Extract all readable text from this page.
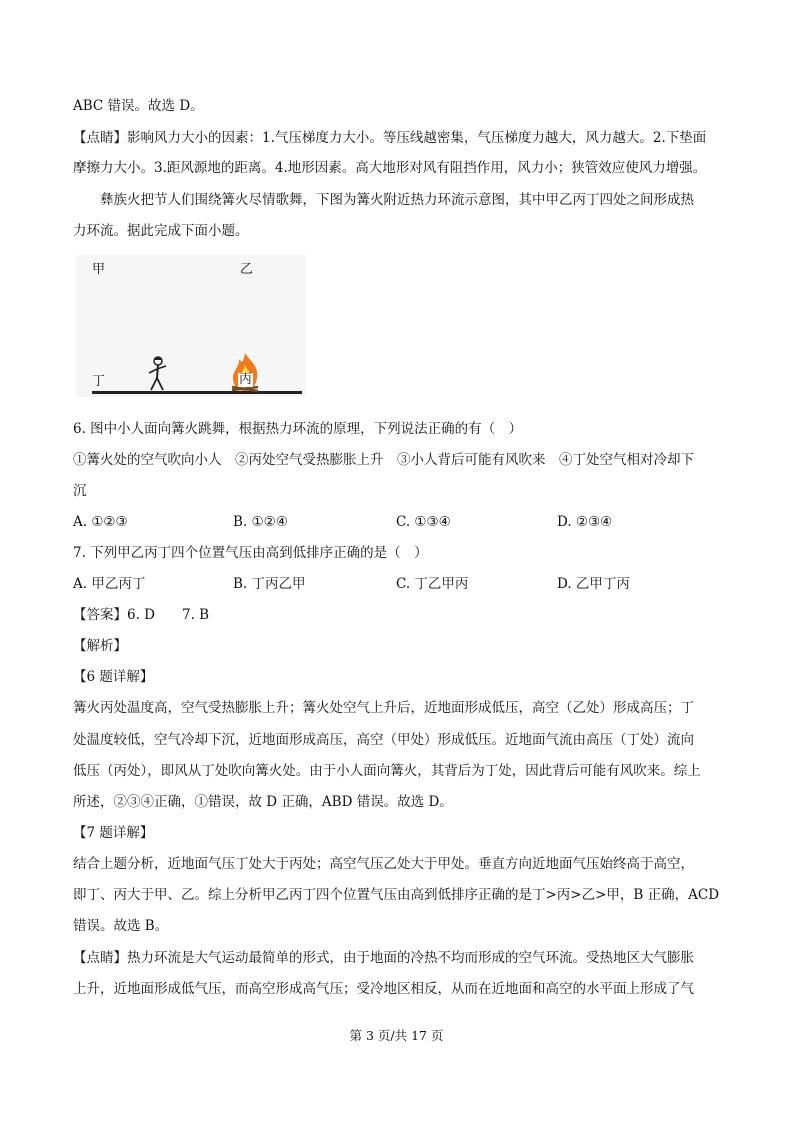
ABC 错误。故选 D。
【点睛】影响风力大小的因素：1.气压梯度力大小。等压线越密集，气压梯度力越大，风力越大。2.下垫面
摩擦力大小。3.距风源地的距离。4.地形因素。高大地形对风有阻挡作用，风力小；狭管效应使风力增强。
彝族火把节人们围绕篝火尽情歌舞，下图为篝火附近热力环流示意图，其中甲乙丙丁四处之间形成热
力环流。据此完成下面小题。
甲	乙
丁	丙
6. 图中小人面向篝火跳舞，根据热力环流的原理，下列说法正确的有（　）
①篝火处的空气吹向小人　②丙处空气受热膨胀上升　③小人背后可能有风吹来　④丁处空气相对冷却下
沉
A. ①②③	B. ①②④	C. ①③④	D. ②③④
7. 下列甲乙丙丁四个位置气压由高到低排序正确的是（　）
A. 甲乙丙丁	B. 丁丙乙甲	C. 丁乙甲丙	D. 乙甲丁丙
【答案】6. D　　7. B
【解析】
【6 题详解】
篝火丙处温度高，空气受热膨胀上升；篝火处空气上升后，近地面形成低压，高空（乙处）形成高压；丁
处温度较低，空气冷却下沉，近地面形成高压，高空（甲处）形成低压。近地面气流由高压（丁处）流向
低压（丙处），即风从丁处吹向篝火处。由于小人面向篝火，其背后为丁处，因此背后可能有风吹来。综上
所述，②③④正确，①错误，故 D 正确，ABD 错误。故选 D。
【7 题详解】
结合上题分析，近地面气压丁处大于丙处；高空气压乙处大于甲处。垂直方向近地面气压始终高于高空，
即丁、丙大于甲、乙。综上分析甲乙丙丁四个位置气压由高到低排序正确的是丁>丙>乙>甲，B 正确，ACD
错误。故选 B。
【点睛】热力环流是大气运动最简单的形式，由于地面的冷热不均而形成的空气环流。受热地区大气膨胀
上升，近地面形成低气压，而高空形成高气压；受冷地区相反，从而在近地面和高空的水平面上形成了气
第 3 页/共 17 页
